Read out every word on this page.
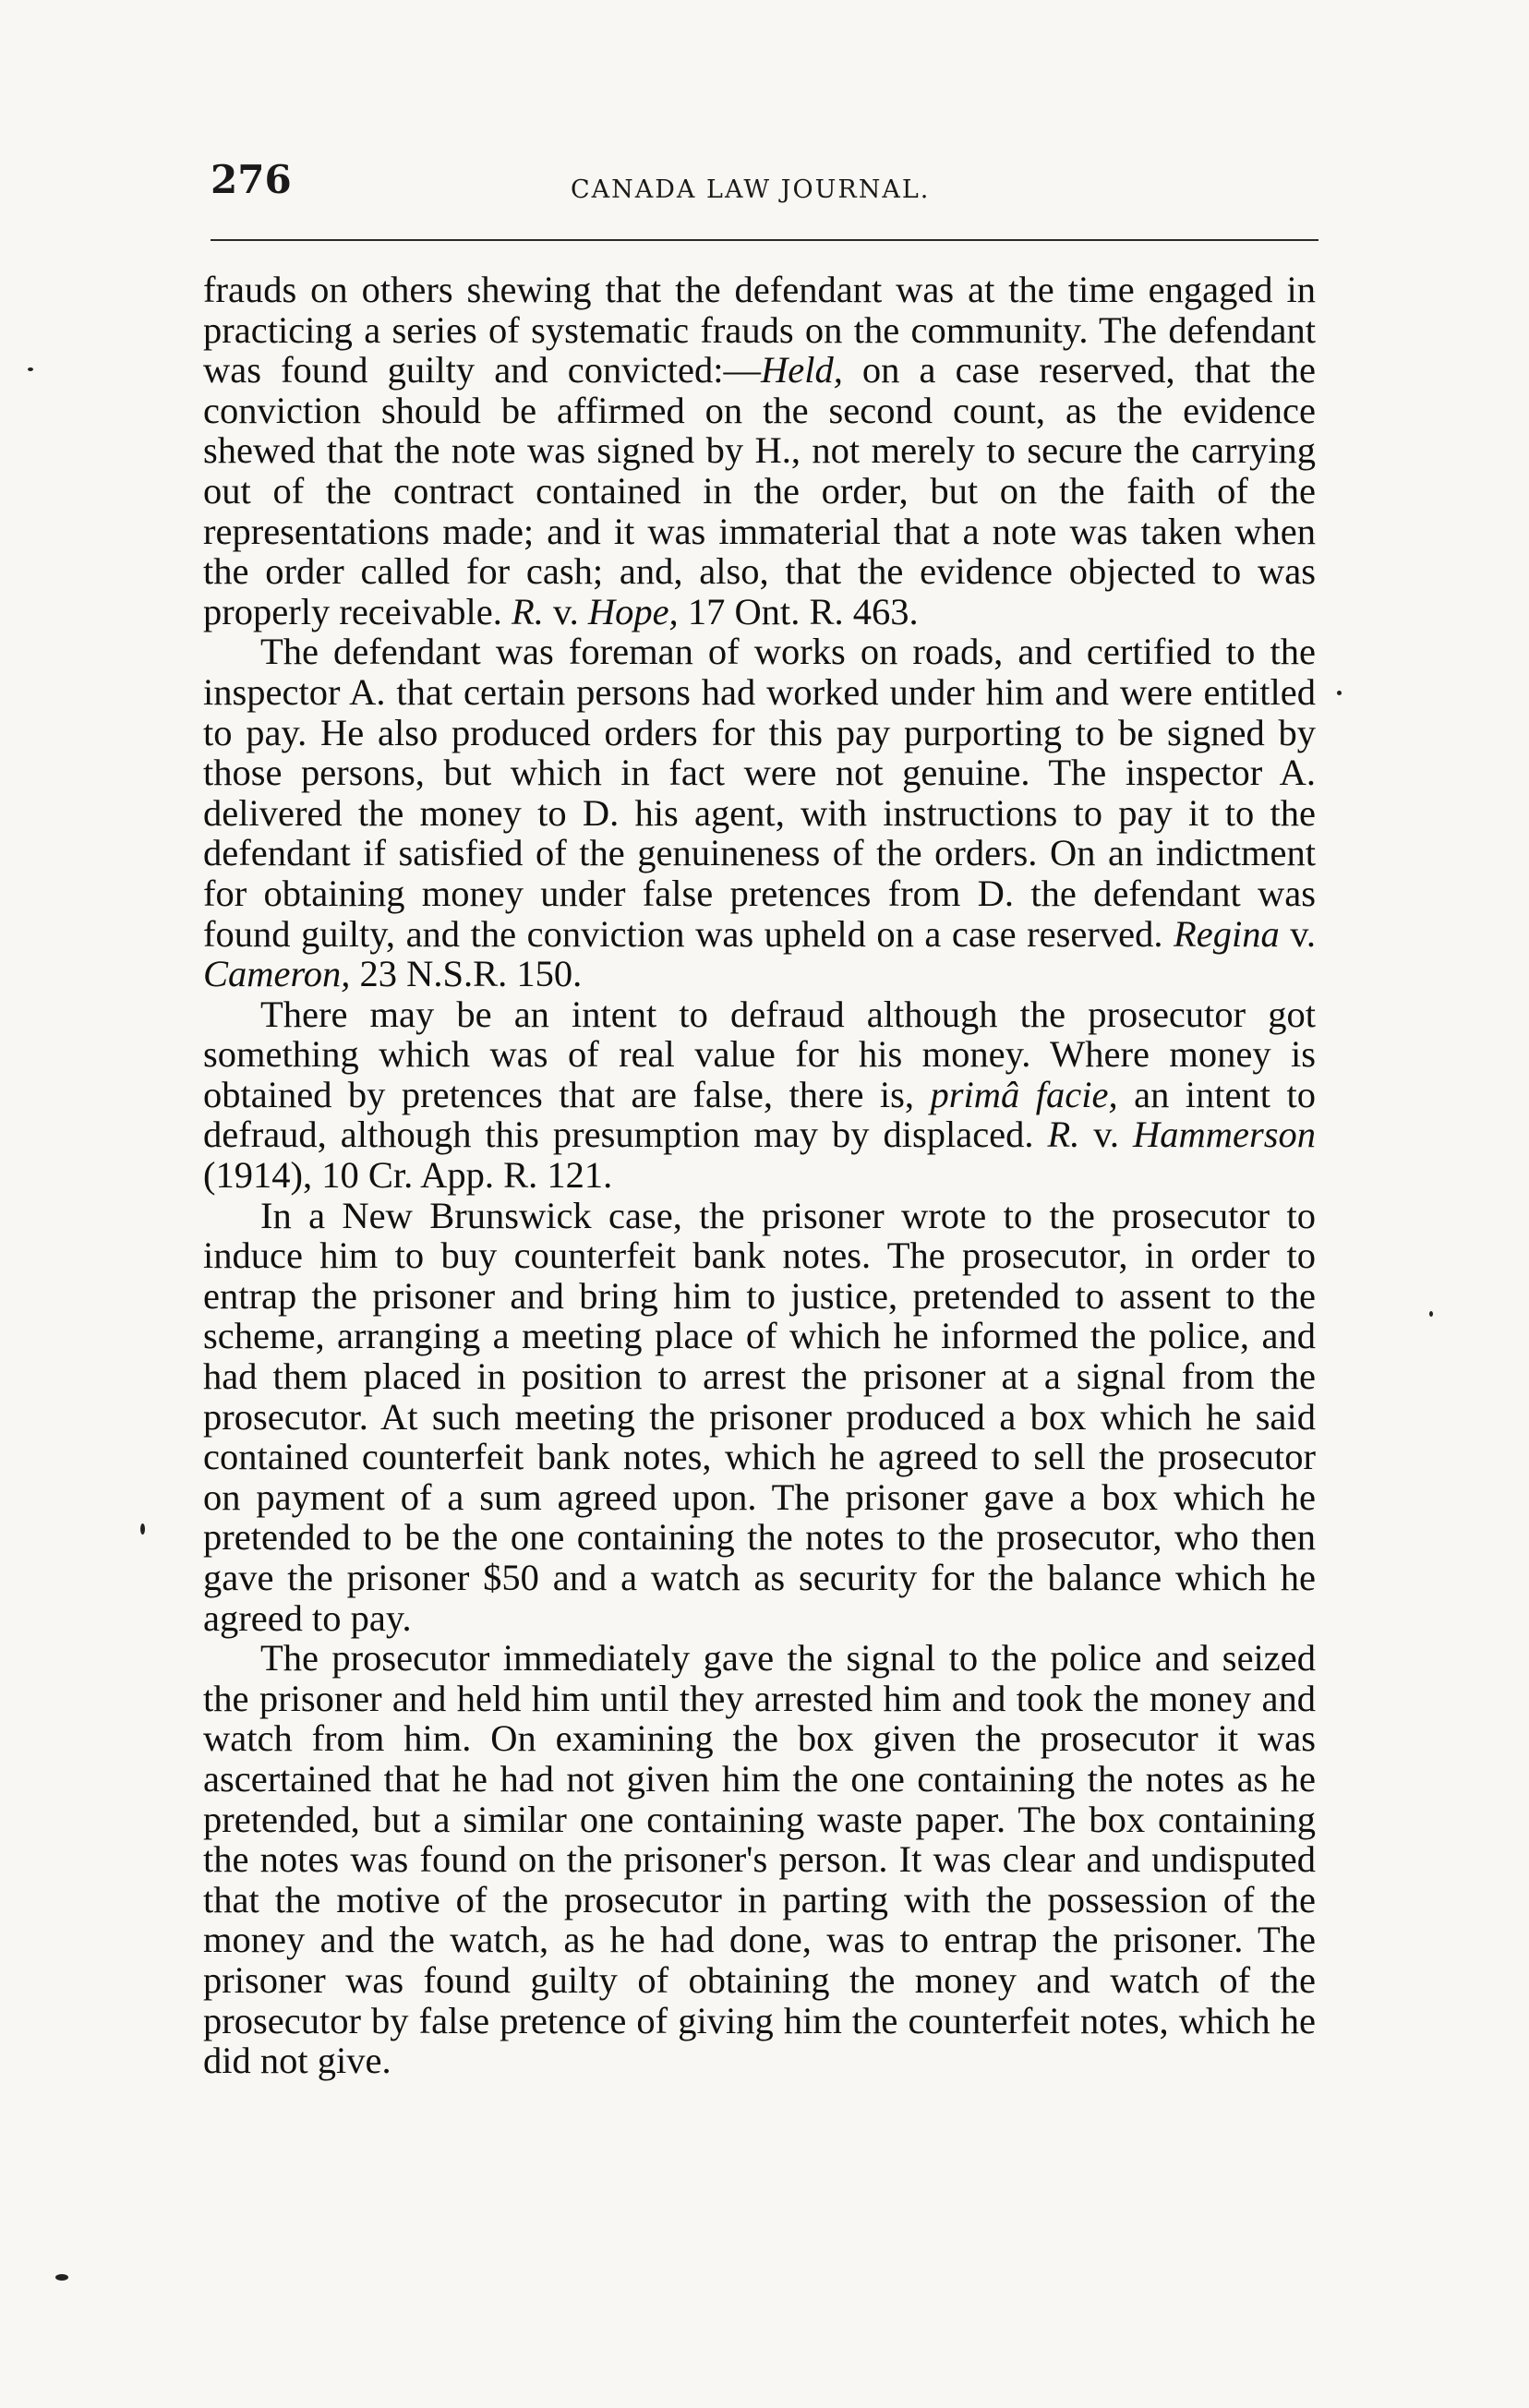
276	CANADA LAW JOURNAL.

frauds on others shewing that the defendant was at the time engaged in practicing a series of systematic frauds on the community. The defendant was found guilty and convicted:—Held, on a case reserved, that the conviction should be affirmed on the second count, as the evidence shewed that the note was signed by H., not merely to secure the carrying out of the contract contained in the order, but on the faith of the representations made; and it was immaterial that a note was taken when the order called for cash; and, also, that the evidence objected to was properly receivable. R. v. Hope, 17 Ont. R. 463.

The defendant was foreman of works on roads, and certified to the inspector A. that certain persons had worked under him and were entitled to pay. He also produced orders for this pay purporting to be signed by those persons, but which in fact were not genuine. The inspector A. delivered the money to D. his agent, with instructions to pay it to the defendant if satisfied of the genuineness of the orders. On an indictment for obtaining money under false pretences from D. the defendant was found guilty, and the conviction was upheld on a case reserved. Regina v. Cameron, 23 N.S.R. 150.

There may be an intent to defraud although the prosecutor got something which was of real value for his money. Where money is obtained by pretences that are false, there is, primâ facie, an intent to defraud, although this presumption may by displaced. R. v. Hammerson (1914), 10 Cr. App. R. 121.

In a New Brunswick case, the prisoner wrote to the prosecutor to induce him to buy counterfeit bank notes. The prosecutor, in order to entrap the prisoner and bring him to justice, pretended to assent to the scheme, arranging a meeting place of which he informed the police, and had them placed in position to arrest the prisoner at a signal from the prosecutor. At such meeting the prisoner produced a box which he said contained counterfeit bank notes, which he agreed to sell the prosecutor on payment of a sum agreed upon. The prisoner gave a box which he pretended to be the one containing the notes to the prosecutor, who then gave the prisoner $50 and a watch as security for the balance which he agreed to pay.

The prosecutor immediately gave the signal to the police and seized the prisoner and held him until they arrested him and took the money and watch from him. On examining the box given the prosecutor it was ascertained that he had not given him the one containing the notes as he pretended, but a similar one containing waste paper. The box containing the notes was found on the prisoner's person. It was clear and undisputed that the motive of the prosecutor in parting with the possession of the money and the watch, as he had done, was to entrap the prisoner. The prisoner was found guilty of obtaining the money and watch of the prosecutor by false pretence of giving him the counterfeit notes, which he did not give.
